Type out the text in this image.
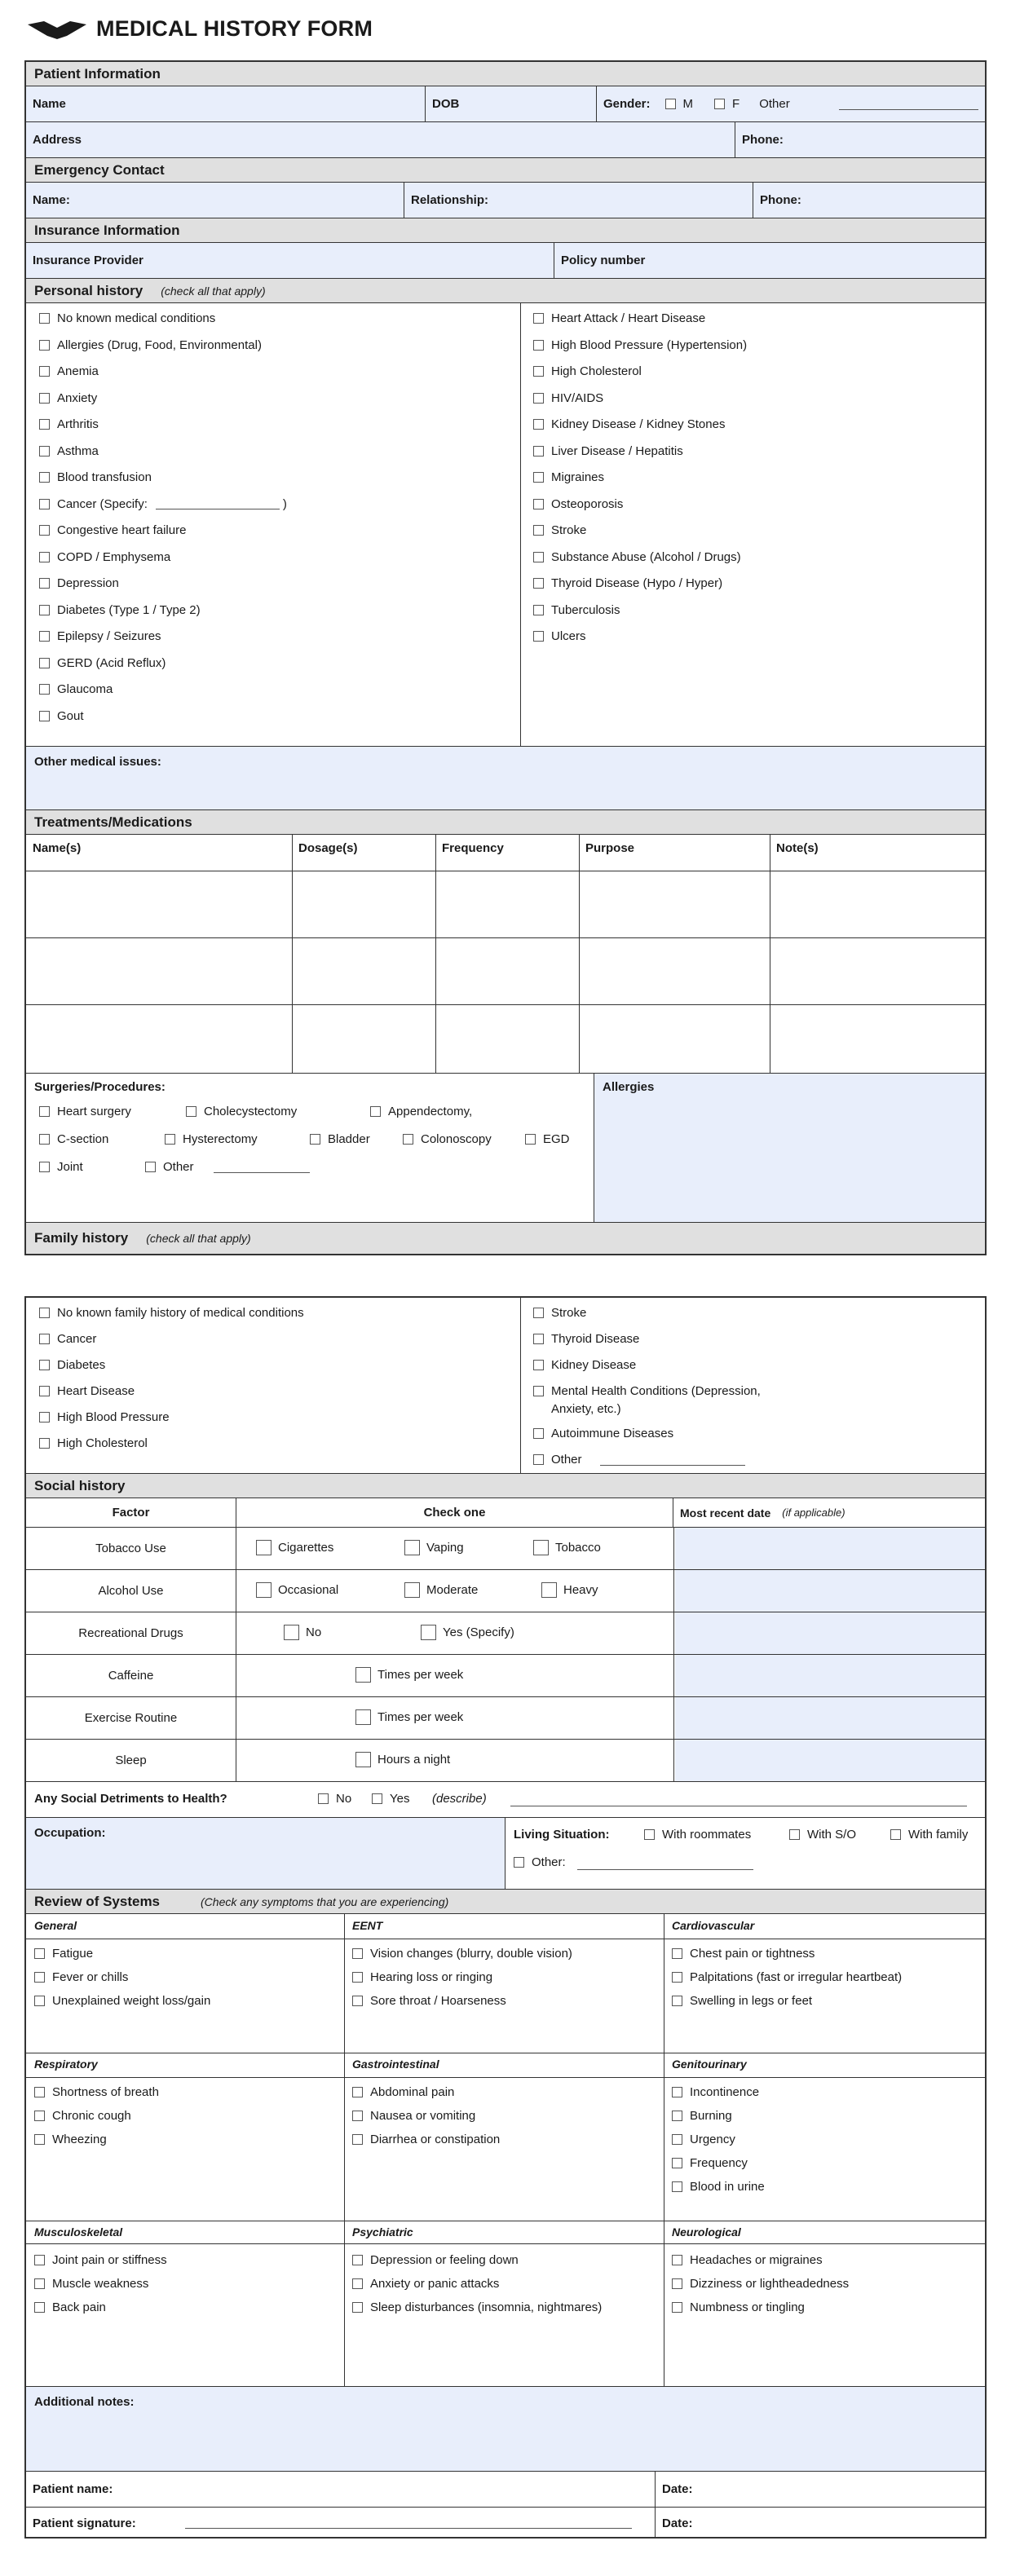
MEDICAL HISTORY FORM
Patient Information
Name	DOB	Gender:	M	F Other
Address	Phone:
Emergency Contact
Name:	Relationship:	Phone:
Insurance Information
Insurance Provider	Policy number
Personal history (check all that apply)
No known medical conditions
Allergies (Drug, Food, Environmental)
Anemia
Anxiety
Arthritis
Asthma
Blood transfusion
Cancer (Specify:	)
Congestive heart failure
COPD / Emphysema
Depression
Diabetes (Type 1 / Type 2)
Epilepsy / Seizures
GERD (Acid Reflux)
Glaucoma
Gout
Heart Attack / Heart Disease
High Blood Pressure (Hypertension)
High Cholesterol
HIV/AIDS
Kidney Disease / Kidney Stones
Liver Disease / Hepatitis
Migraines
Osteoporosis
Stroke
Substance Abuse (Alcohol / Drugs)
Thyroid Disease (Hypo / Hyper)
Tuberculosis
Ulcers
Other medical issues:
Treatments/Medications
Name(s)	Dosage(s)	Frequency	Purpose	Note(s)
Surgeries/Procedures:
Heart surgery	Cholecystectomy	Appendectomy,
C-section	Hysterectomy	Bladder	Colonoscopy	EGD
Joint	Other
Allergies
Family history (check all that apply)
No known family history of medical conditions
Cancer
Diabetes
Heart Disease
High Blood Pressure
High Cholesterol
Stroke
Thyroid Disease
Kidney Disease
Mental Health Conditions (Depression,
Autoimmune Diseases
Other
Anxiety, etc.)
Social history
Factor	Check one	Most recent date (if applicable)
Tobacco Use	Cigarettes	Vaping	Tobacco
Alcohol Use	Occasional	Moderate	Heavy
Recreational Drugs	No	Yes (Specify)
Caffeine	Times per week
Exercise Routine	Times per week
Sleep	Hours a night
Any Social Detriments to Health?	No	Yes (describe)
Occupation:	Living Situation:	With roommates	With S/O	With family
Other:
Review of Systems	(Check any symptoms that you are experiencing)
General
Fatigue
Fever or chills
Unexplained weight loss/gain
EENT
Vision changes (blurry, double vision)
Hearing loss or ringing
Sore throat / Hoarseness
Cardiovascular
Chest pain or tightness
Palpitations (fast or irregular heartbeat)
Swelling in legs or feet
Respiratory
Shortness of breath
Chronic cough
Wheezing
Gastrointestinal
Abdominal pain
Nausea or vomiting
Diarrhea or constipation
Genitourinary
Incontinence
Burning
Urgency
Frequency
Blood in urine
Musculoskeletal
Joint pain or stiffness
Muscle weakness
Back pain
Psychiatric
Depression or feeling down
Anxiety or panic attacks
Sleep disturbances (insomnia, nightmares)
Neurological
Headaches or migraines
Dizziness or lightheadedness
Numbness or tingling
Additional notes:
Patient name:	Date:
Patient signature:	Date:
